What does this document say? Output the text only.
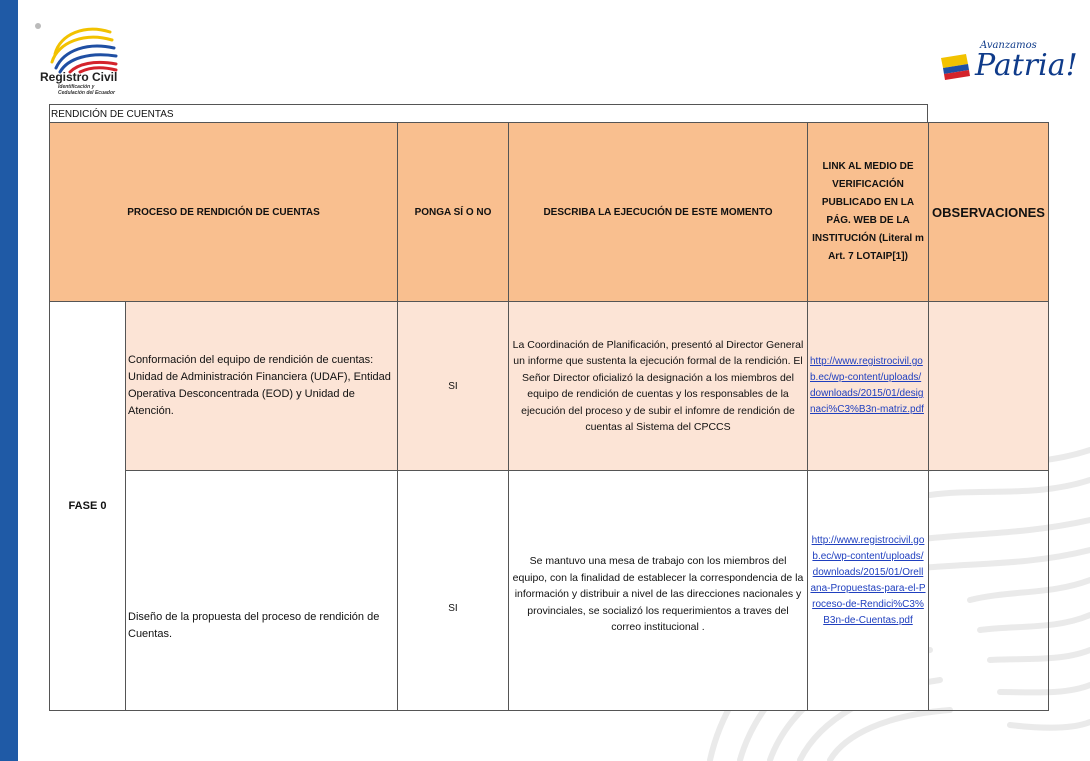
Registro Civil
Identificación y Cedulación del Ecuador
Avanzamos
Patria!
RENDICIÓN DE CUENTAS
PROCESO DE RENDICIÓN DE CUENTAS	PONGA SÍ O NO	DESCRIBA LA EJECUCIÓN DE ESTE MOMENTO
LINK AL MEDIO DE VERIFICACIÓN PUBLICADO EN LA PÁG. WEB DE LA INSTITUCIÓN (Literal m Art. 7 LOTAIP[1])
OBSERVACIONES
FASE 0
Conformación del equipo de rendición de cuentas: Unidad de Administración Financiera (UDAF), Entidad Operativa Desconcentrada (EOD) y Unidad de Atención.
SI
La Coordinación de Planificación, presentó al Director General un informe que sustenta la ejecución formal de la rendición. El Señor Director oficializó la designación a los miembros del equipo de rendición de cuentas y los responsables de la ejecución del proceso y de subir el infomre de rendición de cuentas al Sistema del CPCCS
http://www.registrocivil.gob.ec/wp-content/uploads/downloads/2015/01/designaci%C3%B3n-matriz.pdf
Diseño de la propuesta del proceso de rendición de Cuentas.
SI
Se mantuvo una mesa de trabajo con los miembros del equipo, con la finalidad de establecer la correspondencia de la información y distribuir a nivel de las direcciones nacionales y provinciales, se socializó los requerimientos a traves del correo institucional .
http://www.registrocivil.gob.ec/wp-content/uploads/downloads/2015/01/Orellana-Propuestas-para-el-Proceso-de-Rendici%C3%B3n-de-Cuentas.pdf
